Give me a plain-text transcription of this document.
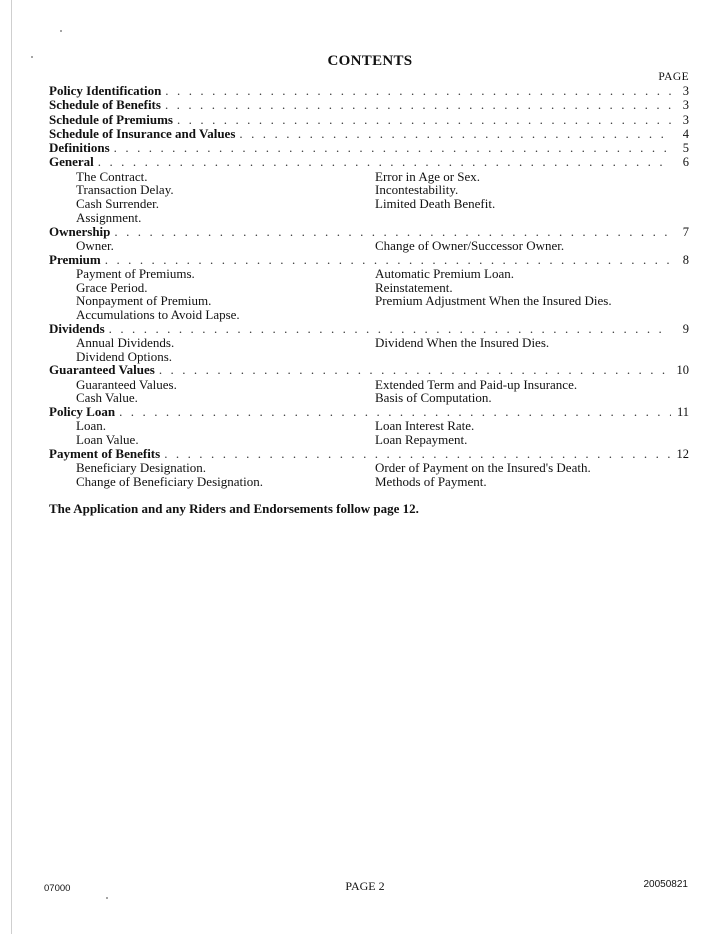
CONTENTS
PAGE
Policy Identification . . .	3
Schedule of Benefits . . .	3
Schedule of Premiums . . .	3
Schedule of Insurance and Values . . .	4
Definitions . . .	5
General . . .	6
The Contract.	Error in Age or Sex.
Transaction Delay.	Incontestability.
Cash Surrender.	Limited Death Benefit.
Assignment.
Ownership . . .	7
Owner.	Change of Owner/Successor Owner.
Premium . . .	8
Payment of Premiums.	Automatic Premium Loan.
Grace Period.	Reinstatement.
Nonpayment of Premium.	Premium Adjustment When the Insured Dies.
Accumulations to Avoid Lapse.
Dividends . . .	9
Annual Dividends.	Dividend When the Insured Dies.
Dividend Options.
Guaranteed Values . . .	10
Guaranteed Values.	Extended Term and Paid-up Insurance.
Cash Value.	Basis of Computation.
Policy Loan . . .	11
Loan.	Loan Interest Rate.
Loan Value.	Loan Repayment.
Payment of Benefits . . .	12
Beneficiary Designation.	Order of Payment on the Insured's Death.
Change of Beneficiary Designation.	Methods of Payment.
The Application and any Riders and Endorsements follow page 12.
07000	PAGE 2	20050821
